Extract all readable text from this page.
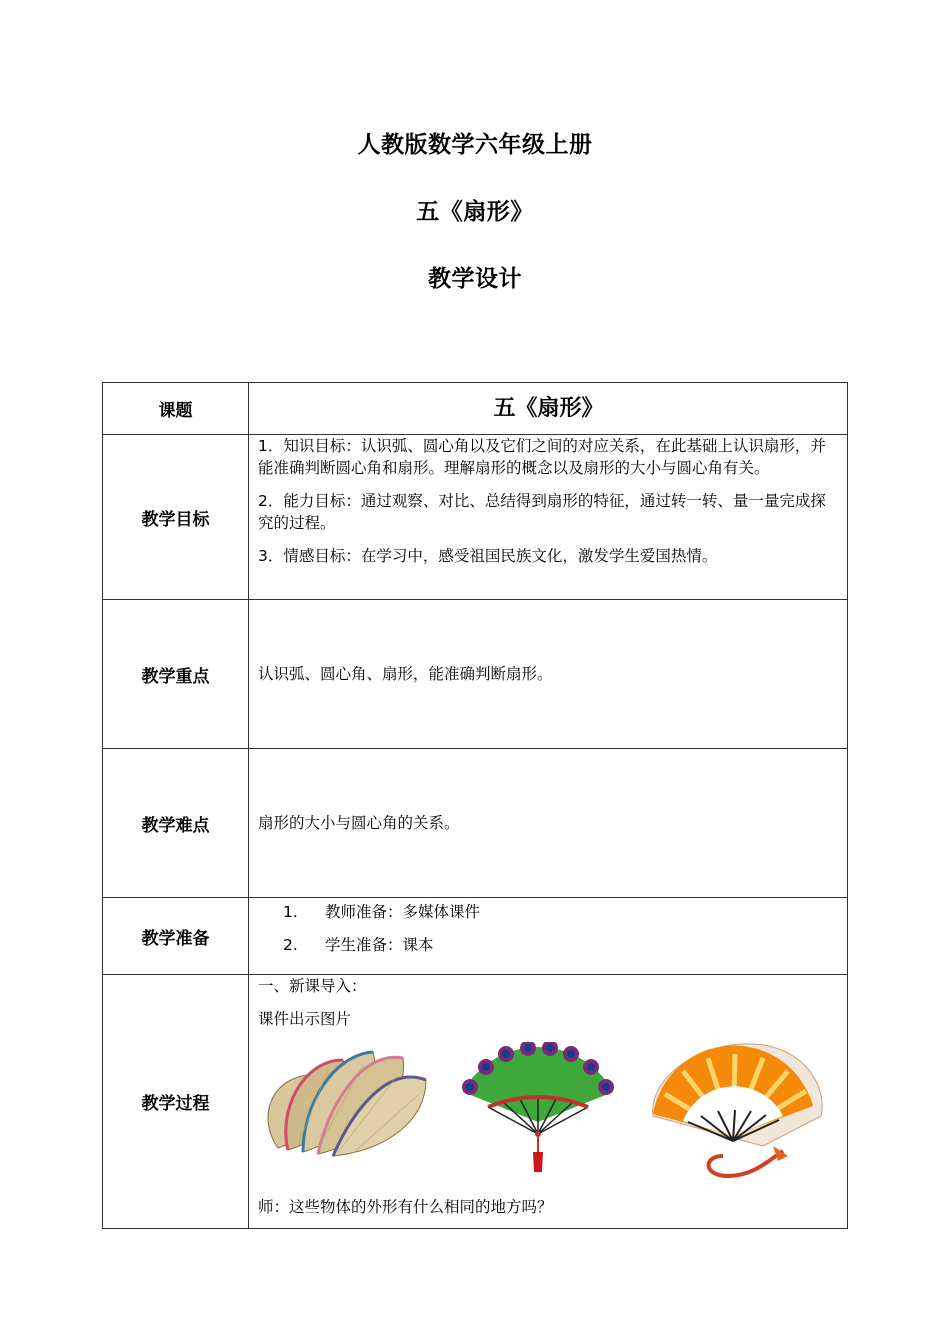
人教版数学六年级上册
五《扇形》
教学设计
课题	五《扇形》

教学目标	1．知识目标：认识弧、圆心角以及它们之间的对应关系，在此基础上认识扇形，并能准确判断圆心角和扇形。理解扇形的概念以及扇形的大小与圆心角有关。

2．能力目标：通过观察、对比、总结得到扇形的特征，通过转一转、量一量完成探究的过程。

3．情感目标：在学习中，感受祖国民族文化，激发学生爱国热情。

教学重点	认识弧、圆心角、扇形，能准确判断扇形。
教学难点	扇形的大小与圆心角的关系。
教学准备	1. 教师准备：多媒体课件
2. 学生准备：课本

教学过程	一、新课导入：

课件出示图片

师：这些物体的外形有什么相同的地方吗？
